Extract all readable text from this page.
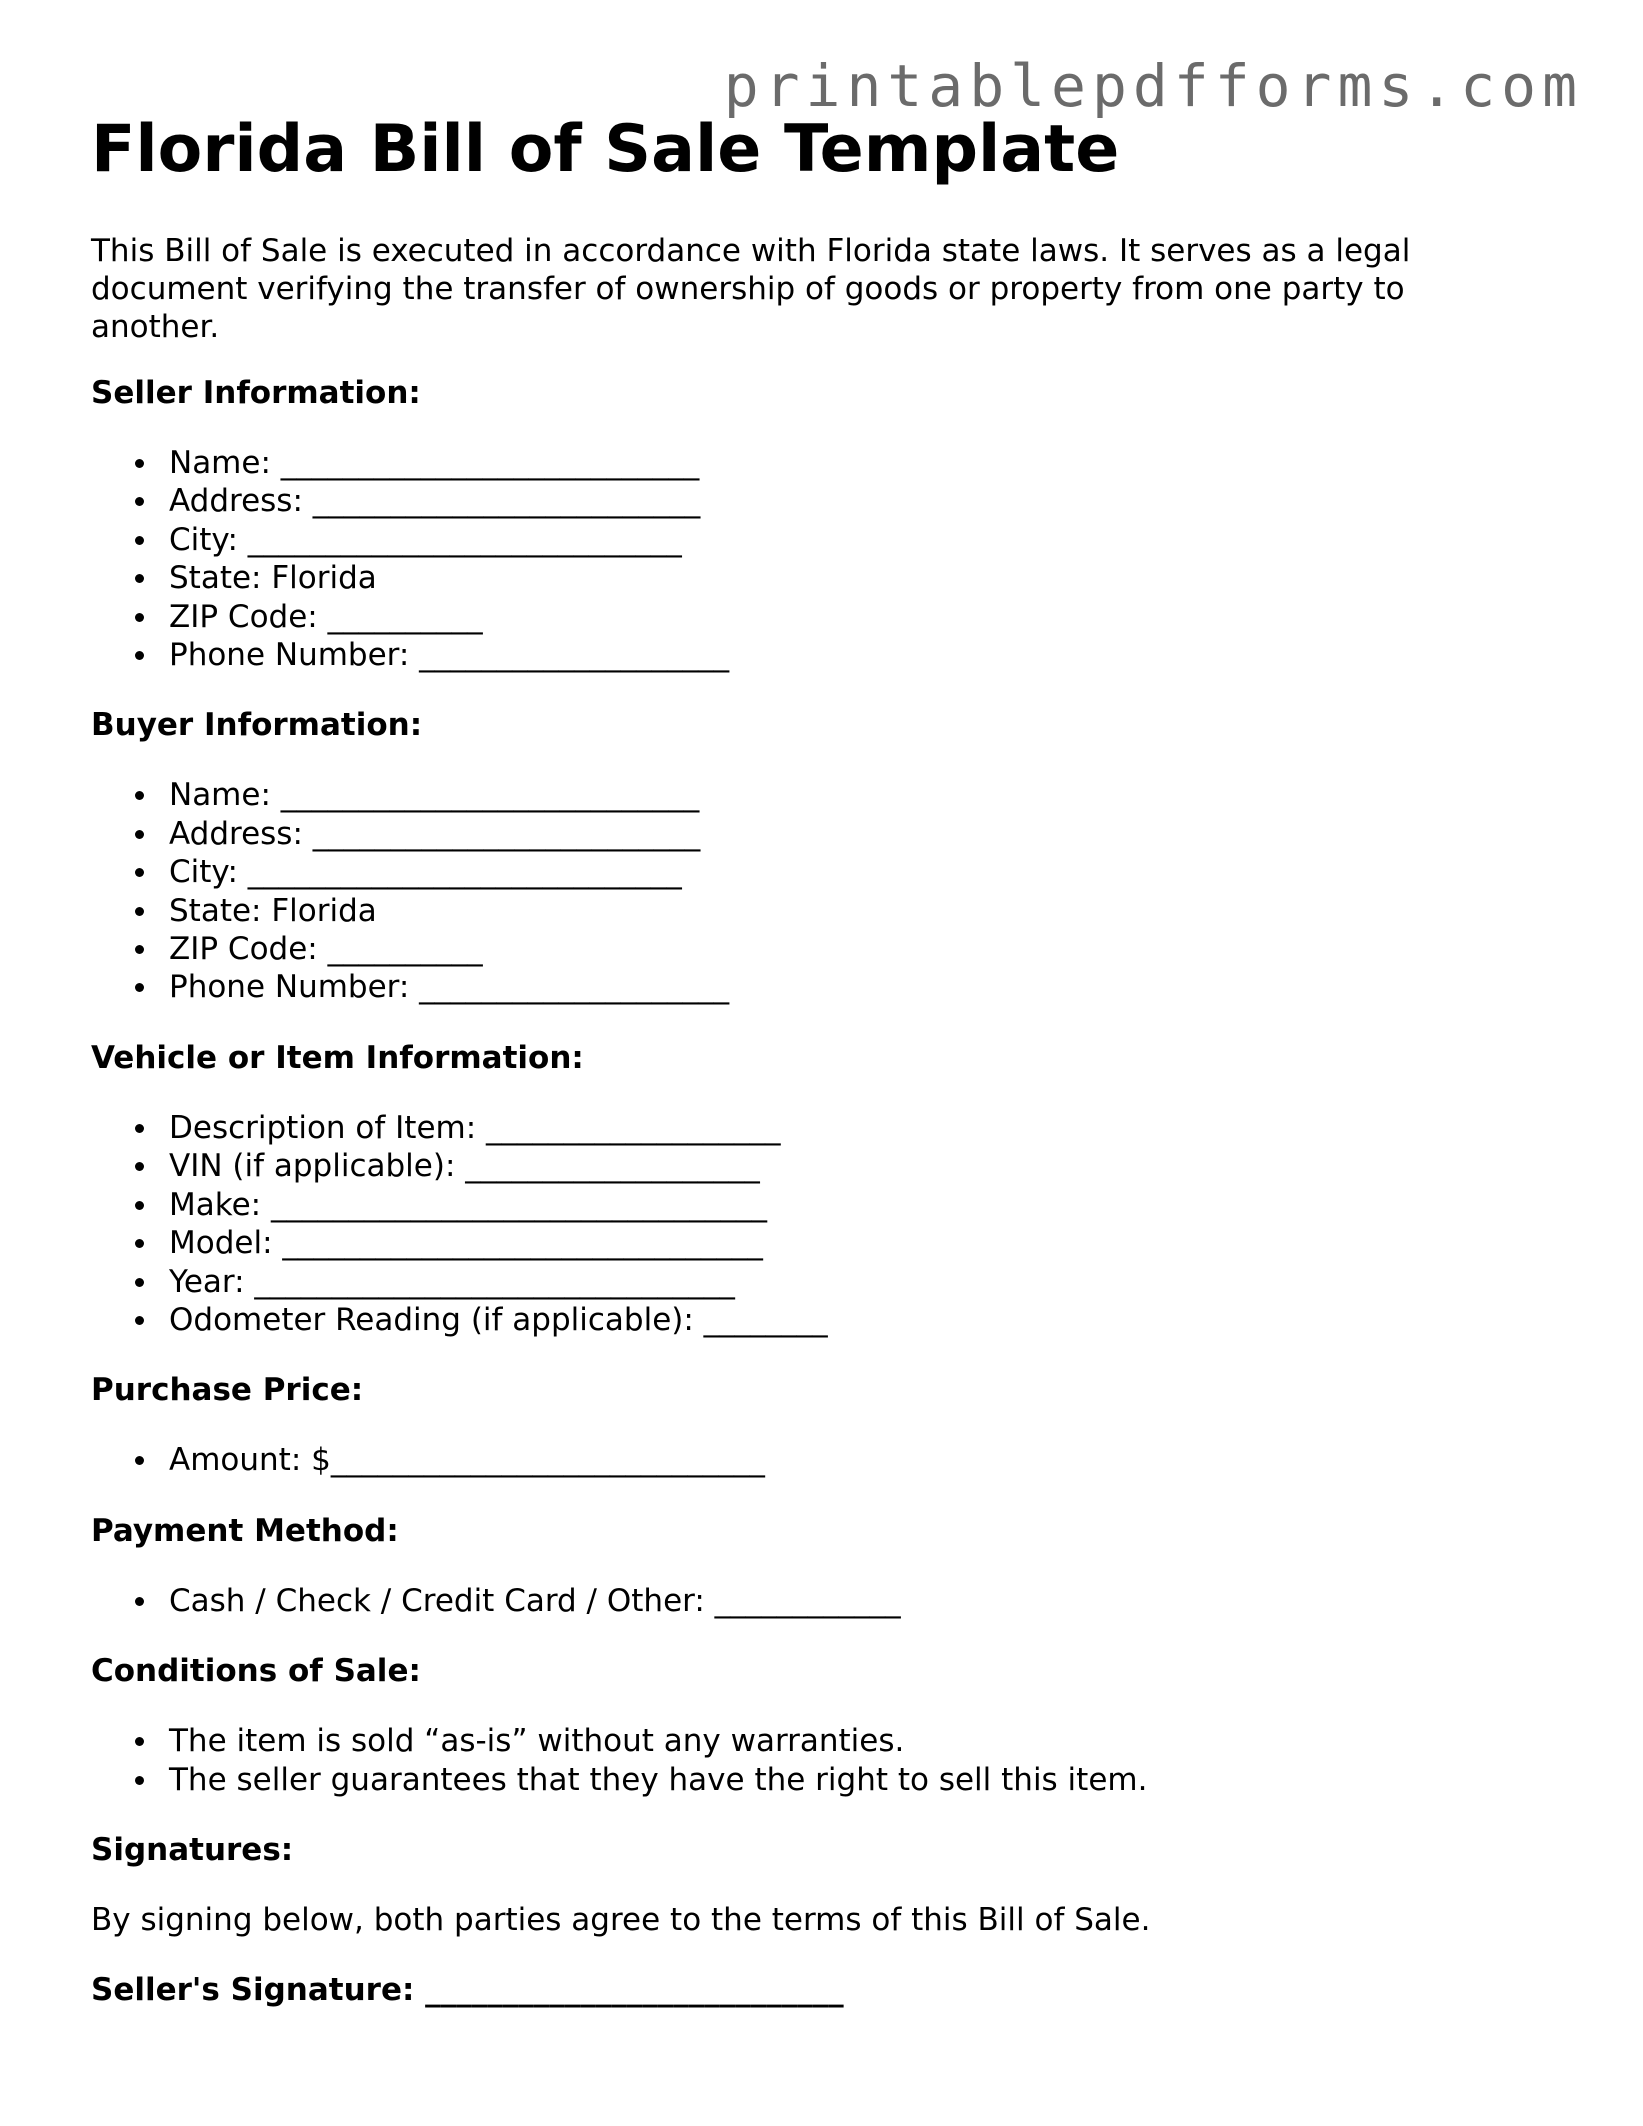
printablepdfforms.com
Florida Bill of Sale Template

This Bill of Sale is executed in accordance with Florida state laws. It serves as a legal document verifying the transfer of ownership of goods or property from one party to another.

Seller Information:
Name: ___________________________
Address: _________________________
City: ____________________________
State: Florida
ZIP Code: __________
Phone Number: ____________________
Buyer Information:
Name: ___________________________
Address: _________________________
City: ____________________________
State: Florida
ZIP Code: __________
Phone Number: ____________________
Vehicle or Item Information:
Description of Item: ___________________
VIN (if applicable): ___________________
Make: ________________________________
Model: _______________________________
Year: _______________________________
Odometer Reading (if applicable): ________
Purchase Price:
Amount: $____________________________
Payment Method:
Cash / Check / Credit Card / Other: ____________
Conditions of Sale:
The item is sold “as-is” without any warranties.
The seller guarantees that they have the right to sell this item.
Signatures:

By signing below, both parties agree to the terms of this Bill of Sale.

Seller's Signature: ___________________________
